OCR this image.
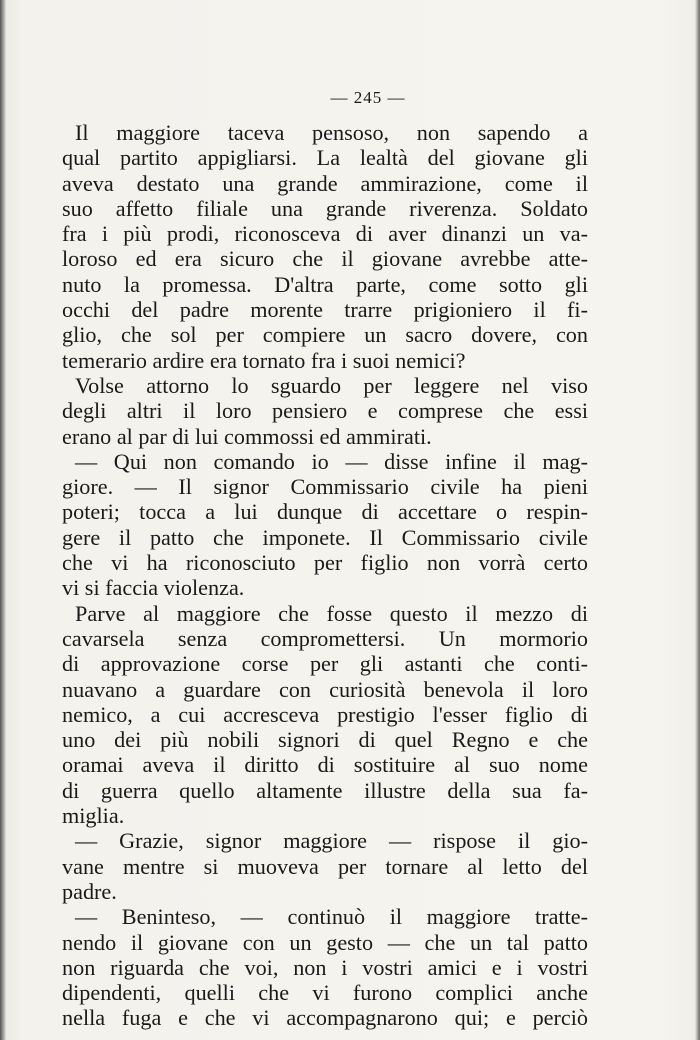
— 245 —
Il maggiore taceva pensoso, non sapendo a
qual partito appigliarsi. La lealtà del giovane gli
aveva destato una grande ammirazione, come il
suo affetto filiale una grande riverenza. Soldato
fra i più prodi, riconosceva di aver dinanzi un va-
loroso ed era sicuro che il giovane avrebbe atte-
nuto la promessa. D'altra parte, come sotto gli
occhi del padre morente trarre prigioniero il fi-
glio, che sol per compiere un sacro dovere, con
temerario ardire era tornato fra i suoi nemici?
Volse attorno lo sguardo per leggere nel viso
degli altri il loro pensiero e comprese che essi
erano al par di lui commossi ed ammirati.
— Qui non comando io — disse infine il mag-
giore. — Il signor Commissario civile ha pieni
poteri; tocca a lui dunque di accettare o respin-
gere il patto che imponete. Il Commissario civile
che vi ha riconosciuto per figlio non vorrà certo
vi si faccia violenza.
Parve al maggiore che fosse questo il mezzo di
cavarsela senza compromettersi. Un mormorio
di approvazione corse per gli astanti che conti-
nuavano a guardare con curiosità benevola il loro
nemico, a cui accresceva prestigio l'esser figlio di
uno dei più nobili signori di quel Regno e che
oramai aveva il diritto di sostituire al suo nome
di guerra quello altamente illustre della sua fa-
miglia.
— Grazie, signor maggiore — rispose il gio-
vane mentre si muoveva per tornare al letto del
padre.
— Beninteso, — continuò il maggiore tratte-
nendo il giovane con un gesto — che un tal patto
non riguarda che voi, non i vostri amici e i vostri
dipendenti, quelli che vi furono complici anche
nella fuga e che vi accompagnarono qui; e perciò
